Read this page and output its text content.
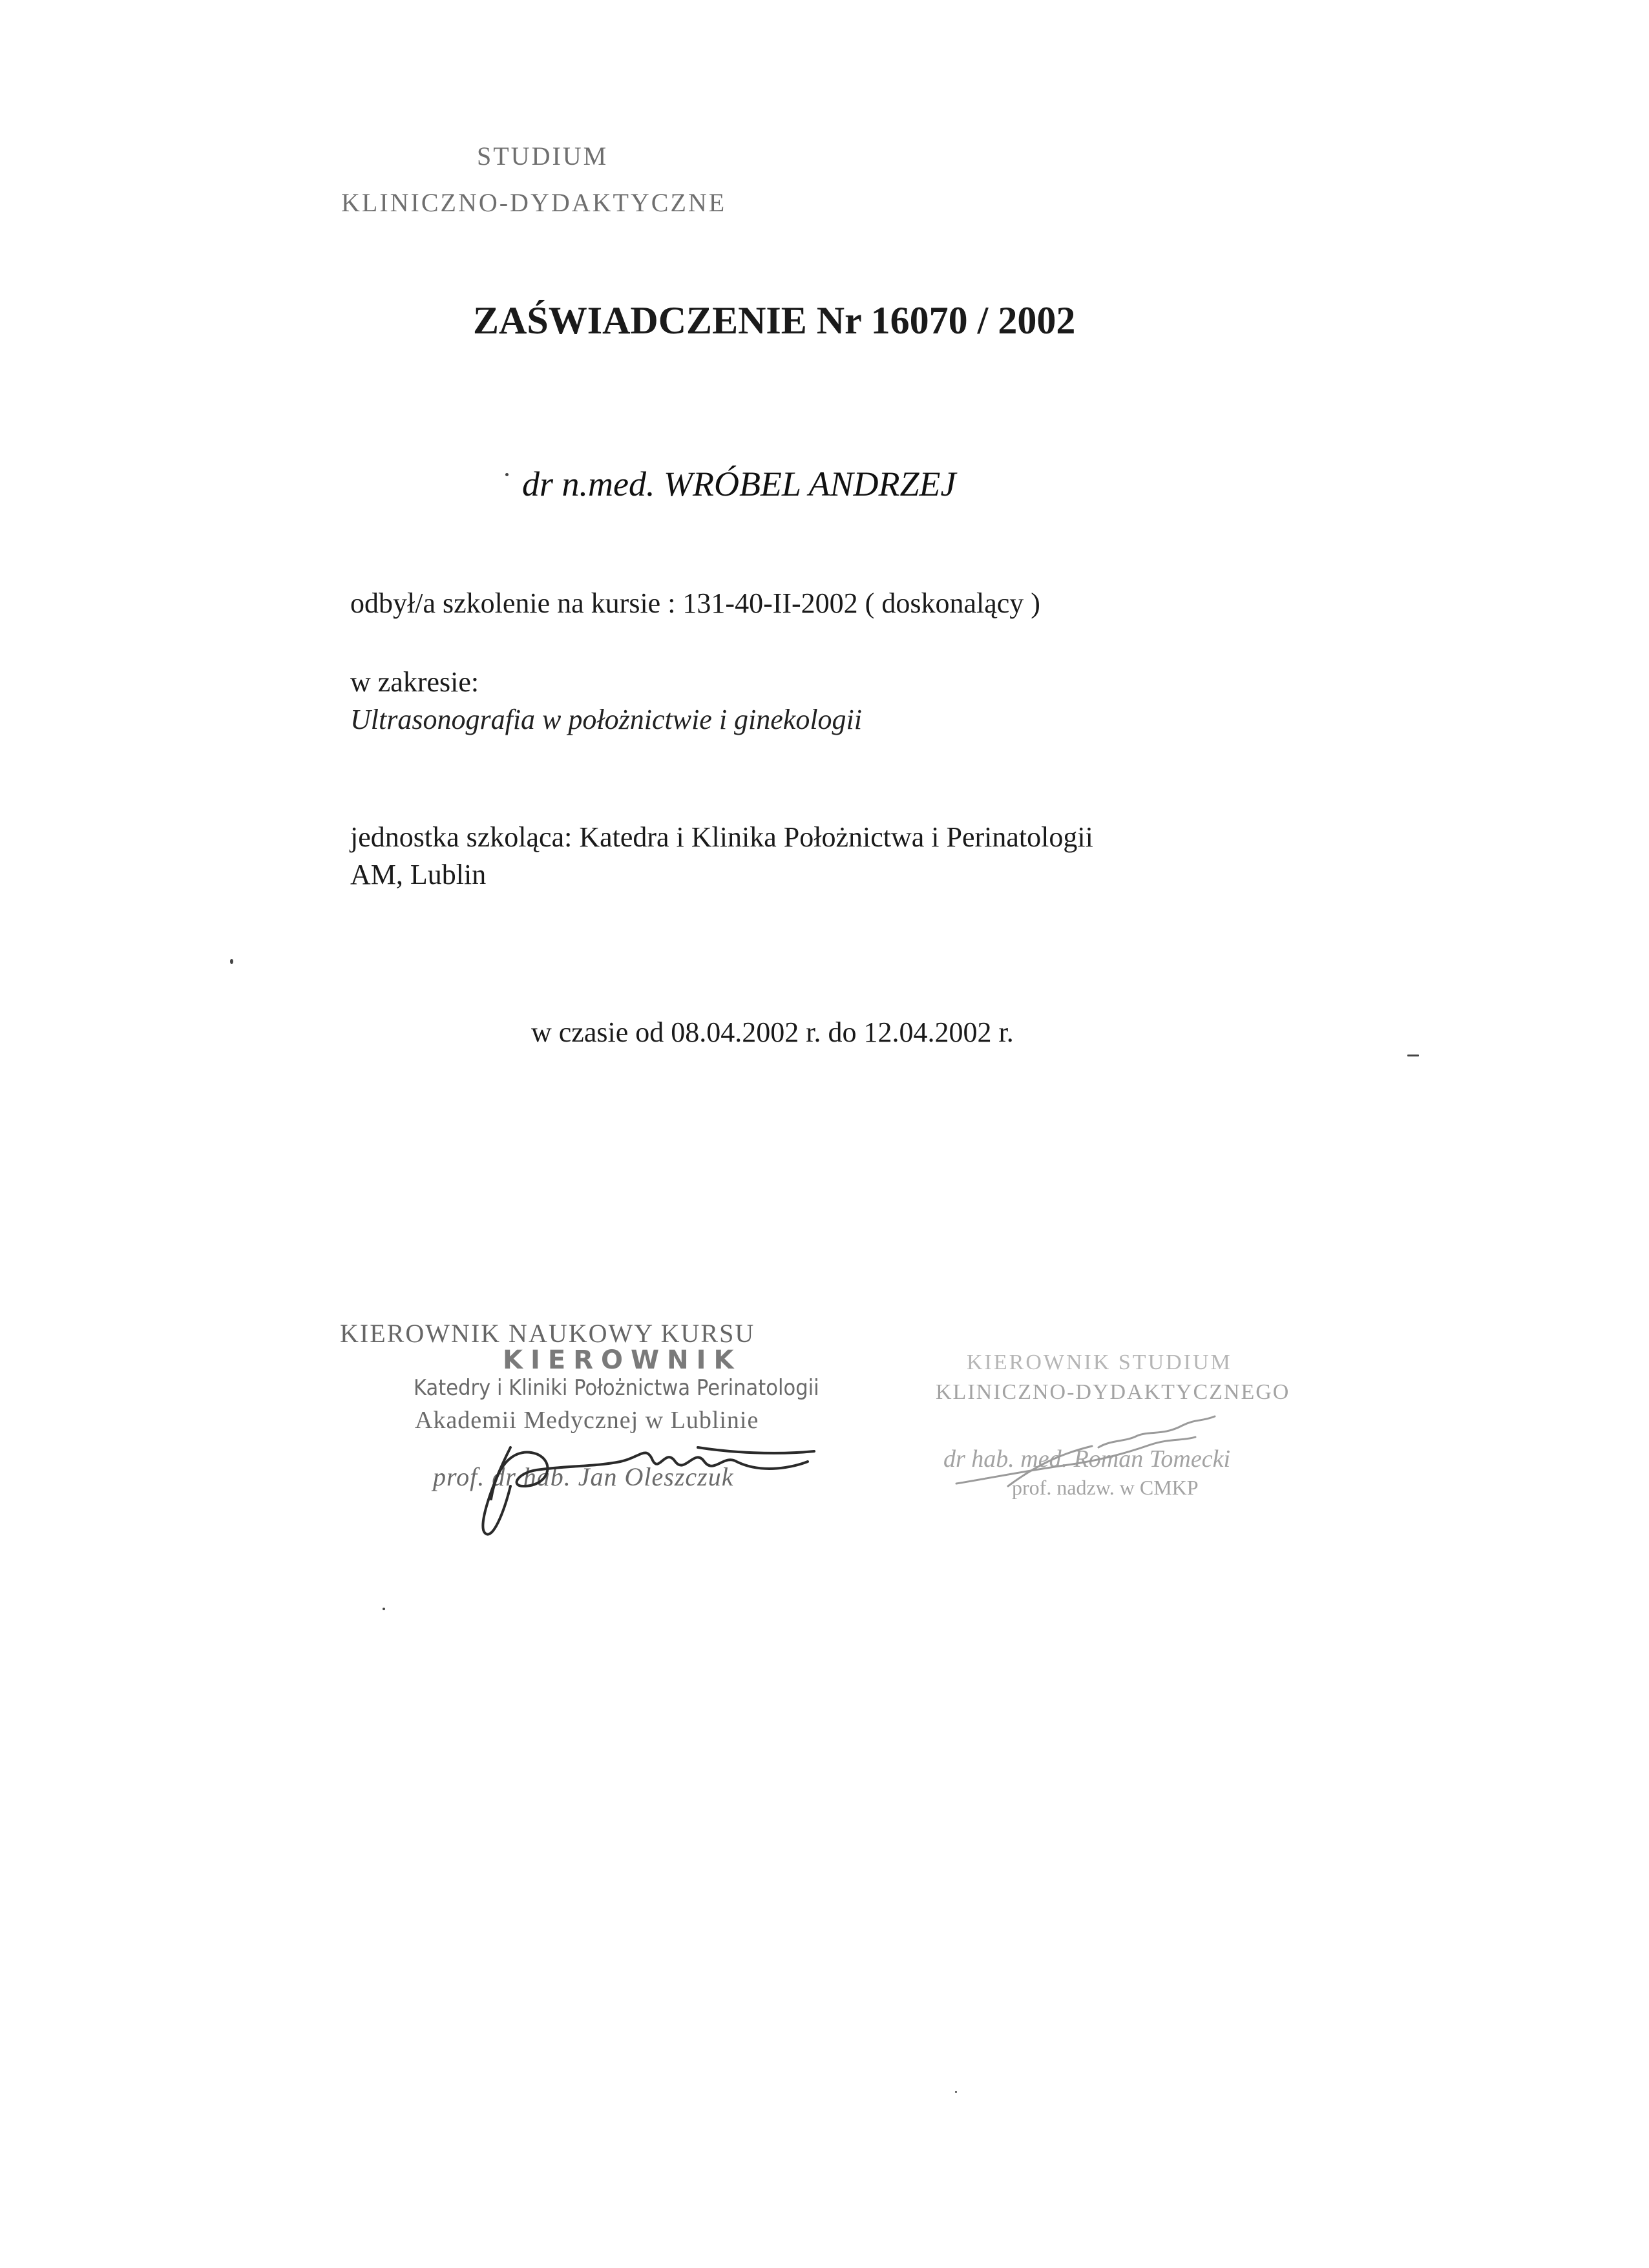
STUDIUM
KLINICZNO-DYDAKTYCZNE
ZAŚWIADCZENIE Nr 16070 / 2002
dr n.med. WRÓBEL ANDRZEJ
odbył/a szkolenie na kursie : 131-40-II-2002 ( doskonalący )
w zakresie:
Ultrasonografia w położnictwie i ginekologii
jednostka szkoląca: Katedra i Klinika Położnictwa i Perinatologii
AM, Lublin
w czasie od 08.04.2002 r. do 12.04.2002 r.
KIEROWNIK NAUKOWY KURSU
KIEROWNIK
Katedry i Kliniki Położnictwa Perinatologii
Akademii Medycznej w Lublinie
prof. dr hab. Jan Oleszczuk
KIEROWNIK STUDIUM
KLINICZNO-DYDAKTYCZNEGO
dr hab. med. Roman Tomecki
prof. nadzw. w CMKP
